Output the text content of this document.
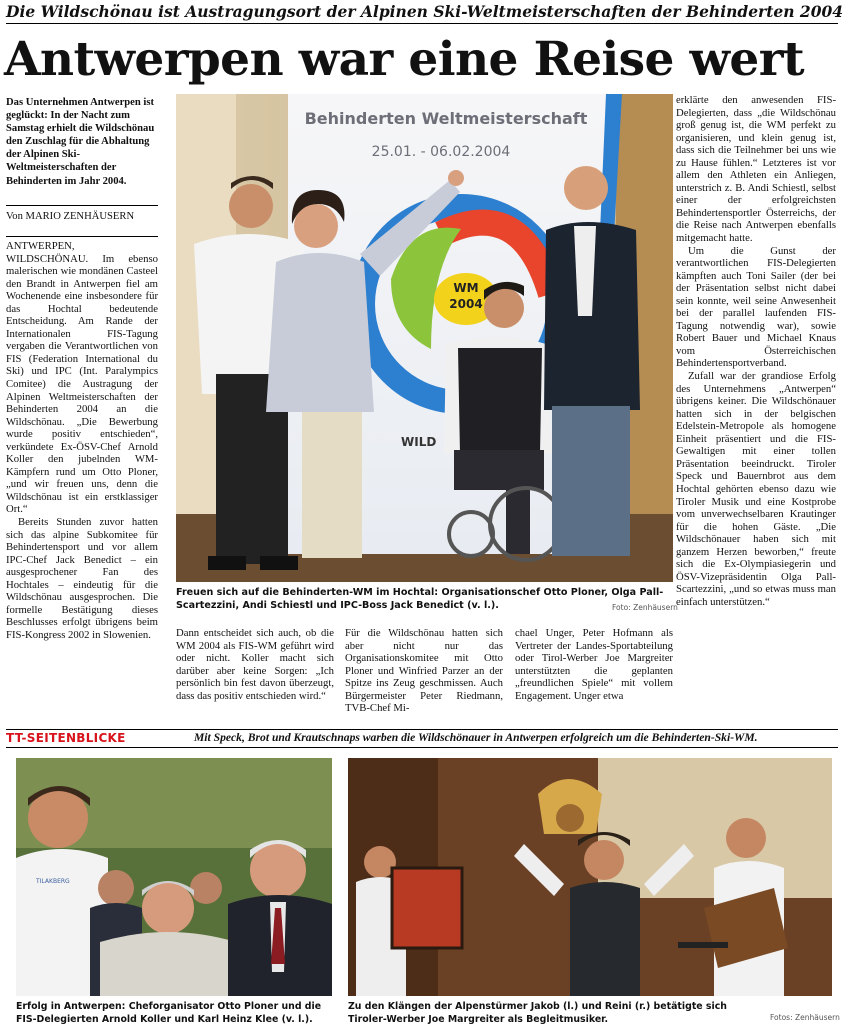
Die Wildschönau ist Austragungsort der Alpinen Ski-Weltmeisterschaften der Behinderten 2004
Antwerpen war eine Reise wert
Das Unternehmen Antwerpen ist geglückt: In der Nacht zum Samstag erhielt die Wildschönau den Zuschlag für die Abhaltung der Alpinen Ski-Weltmeisterschaften der Behinderten im Jahr 2004.
Von MARIO ZENHÄUSERN

ANTWERPEN, WILDSCHÖNAU. Im ebenso malerischen wie mondänen Casteel den Brandt in Antwerpen fiel am Wochenende eine insbesondere für das Hochtal bedeutende Entscheidung. Am Rande der Internationalen FIS-Tagung vergaben die Verantwortlichen von FIS (Federation International du Ski) und IPC (Int. Paralympics Comitee) die Austragung der Alpinen Weltmeisterschaften der Behinderten 2004 an die Wildschönau. „Die Bewerbung wurde positiv entschieden“, verkündete Ex-ÖSV-Chef Arnold Koller den jubelnden WM-Kämpfern rund um Otto Ploner, „und wir freuen uns, denn die Wildschönau ist ein erstklassiger Ort.“

Bereits Stunden zuvor hatten sich das alpine Subkomitee für Behindertensport und vor allem IPC-Chef Jack Benedict – ein ausgesprochener Fan des Hochtales – eindeutig für die Wildschönau ausgesprochen. Die formelle Bestätigung dieses Beschlusses erfolgt übrigens beim FIS-Kongress 2002 in Slowenien.

Behinderten Weltmeisterschaft
25.01. - 06.02.2004
WM
2004
WILD
Freuen sich auf die Behinderten-WM im Hochtal: Organisationschef Otto Ploner, Olga Pall-Scartezzini, Andi Schiestl und IPC-Boss Jack Benedict (v. l.).	Foto: Zenhäusern

Dann entscheidet sich auch, ob die WM 2004 als FIS-WM geführt wird oder nicht. Koller macht sich darüber aber keine Sorgen: „Ich persönlich bin fest davon überzeugt, dass das positiv entschieden wird.“

Für die Wildschönau hatten sich aber nicht nur das Organisationskomitee mit Otto Ploner und Winfried Parzer an der Spitze ins Zeug geschmissen. Auch Bürgermeister Peter Riedmann, TVB-Chef Mi-

chael Unger, Peter Hofmann als Vertreter der Landes-Sportabteilung oder Tirol-Werber Joe Margreiter unterstützten die geplanten „freundlichen Spiele“ mit vollem Engagement. Unger etwa

erklärte den anwesenden FIS-Delegierten, dass „die Wildschönau groß genug ist, die WM perfekt zu organisieren, und klein genug ist, dass sich die Teilnehmer bei uns wie zu Hause fühlen.“ Letzteres ist vor allem den Athleten ein Anliegen, unterstrich z. B. Andi Schiestl, selbst einer der erfolgreichsten Behindertensportler Österreichs, der die Reise nach Antwerpen ebenfalls mitgemacht hatte.

Um die Gunst der verantwortlichen FIS-Delegierten kämpften auch Toni Sailer (der bei der Präsentation selbst nicht dabei sein konnte, weil seine Anwesenheit bei der parallel laufenden FIS-Tagung notwendig war), sowie Robert Bauer und Michael Knaus vom Österreichischen Behindertensportverband.

Zufall war der grandiose Erfolg des Unternehmens „Antwerpen“ übrigens keiner. Die Wildschönauer hatten sich in der belgischen Edelstein-Metropole als homogene Einheit präsentiert und die FIS-Gewaltigen mit einer tollen Präsentation beeindruckt. Tiroler Speck und Bauernbrot aus dem Hochtal gehörten ebenso dazu wie Tiroler Musik und eine Kostprobe vom unverwechselbaren Krautinger für die hohen Gäste. „Die Wildschönauer haben sich mit ganzem Herzen beworben,“ freute sich die Ex-Olympiasiegerin und ÖSV-Vizepräsidentin Olga Pall-Scartezzini, „und so etwas muss man einfach unterstützen.“

TT-SEITENBLICKE	Mit Speck, Brot und Krautschnaps warben die Wildschönauer in Antwerpen erfolgreich um die Behinderten-Ski-WM.
TILAKBERG
Erfolg in Antwerpen: Cheforganisator Otto Ploner und die FIS-Delegierten Arnold Koller und Karl Heinz Klee (v. l.).
Zu den Klängen der Alpenstürmer Jakob (l.) und Reini (r.) betätigte sich Tiroler-Werber Joe Margreiter als Begleitmusiker.	Fotos: Zenhäusern
